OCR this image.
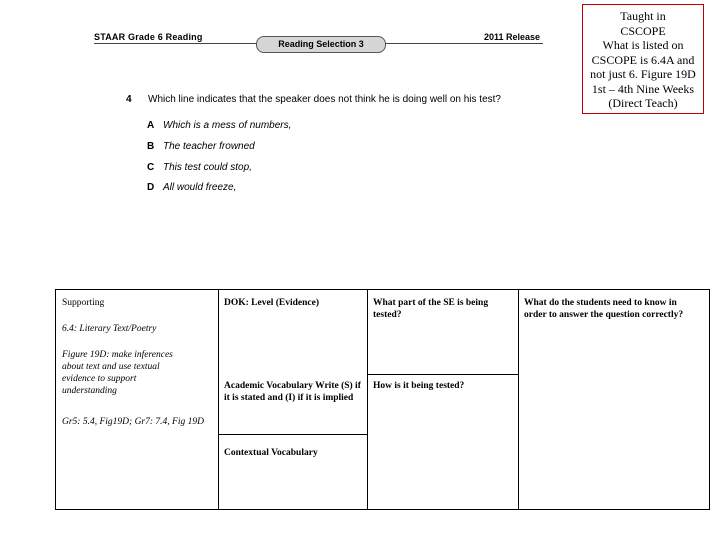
STAAR Grade 6 Reading
Reading Selection 3
2011 Release
Taught in
CSCOPE
What is listed on
CSCOPE is 6.4A and
not just 6. Figure 19D
1st – 4th Nine Weeks
(Direct Teach)
4 Which line indicates that the speaker does not think he is doing well on his test?
A Which is a mess of numbers,
B The teacher frowned
C This test could stop,
D All would freeze,
Supporting
6.4: Literary Text/Poetry
Figure 19D: make inferences about text and use textual evidence to support understanding
Gr5: 5.4, Fig19D; Gr7: 7.4, Fig 19D
DOK: Level (Evidence)
Academic Vocabulary Write (S) if it is stated and (I) if it is implied
Contextual Vocabulary
What part of the SE is being tested?
How is it being tested?
What do the students need to know in order to answer the question correctly?
